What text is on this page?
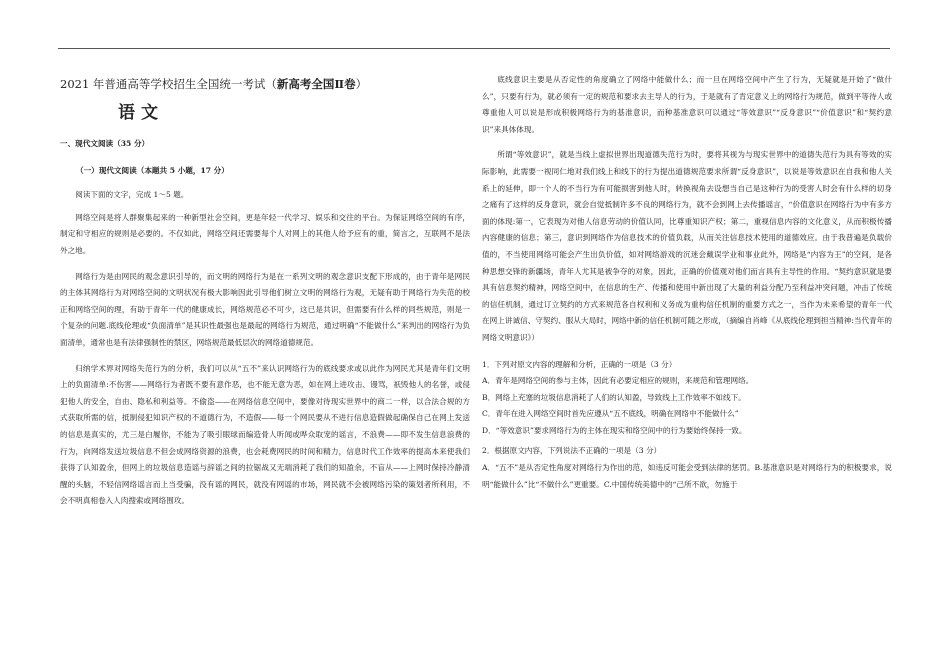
2021 年普通高等学校招生全国统一考试（新高考全国Ⅱ卷）

语文

一、现代文阅读（35 分）

（一）现代文阅读（本题共 5 小题，17 分）

阅读下面的文字，完成 1～5 题。

网络空间是将人群聚集起来的一种新型社会空间，更是年轻一代学习、娱乐和交往的平台。为保证网络空间的有序，制定和守相应的规则是必要的。不仅如此，网络空间还需要每个人对网上的其他人给予应有的重，简言之，互联网不是法外之地。

网络行为是由网民的观念意识引导的，而文明的网络行为是在一系列文明的观念意识支配下形成的，由于青年是网民的主体其网络行为对网络空间的文明状况有极大影响因此引导他们树立文明的网络行为观，无疑有助于网络行为失范的校正和网络空间的理，有助于青年一代的健康成长，网络规范必不可少，这已是共识，但需要有什么样的同些规范，则是一个复杂的问题.底线伦理或“负面清单”是其识性最强也是最起的网络行为规范，通过明确“不能做什么”来判出的网络行为负面清单，通常也是有法律强制性的禁区，网络规范最低层次的网络道德规范。

归纳学术界对网络失范行为的分析，我们可以从“五不”来认识网络行为的底线要求或以此作为网民尤其是青年们文明上的负面清单:不伤害——网络行为者既不要有意作恶，也不能无意为恶，如在网上进攻击、谩骂，祇毁他人的名誉，或侵犯他人的安全，自由、隐私和利益等。不偷盗——在网络信息空间中，要像对待现实世界中的商二一样，以合法合规的方式获取所需的信，抵制侵犯知识产权的不道德行为，不造假——每一个网民要从不进行信息造假做起确保自己在网上发送的信息是真实的，尤三是白履你，不能为了吸引眼球而编造骨人听闻或哗众取宠的谣言，不浪费——即不发生信息浪费的行为，向网络发送垃圾信息不但会成网络资源的浪费，也会耗费网民的时间和精力，信息时代工作效率的提高本来使我们获得了认知盈余，但网上的垃圾信息造谣与辞谣之间的拉锯战又无端消耗了我们的知盈余，不盲从——上网时保持冷静清醒的头脑，不轻信网络谣言而上当受骗，没有谣的网民，就没有网谣的市场，网民就不会被网络污染的策划者所利用，不会不明真相卷入人肉搜索或网络围攻。

底线意识主要是从否定性的角度确立了网络中能做什么；而一旦在网络空间中产生了行为，无疑就是开始了“做什么”，只要有行为，就必须有一定的规范和要求去主导人的行为，于是就有了肯定意义上的网络行为规范，做到平等待人或尊重他人可以说是形成积极网络行为的基准意识，而种基准意识可以通过“等效意识”“反身意识”“价值意识”和“契约意识”来具体体现。

所谓“等效意识”，就是当线上虚拟世界出现道德失范行为时，要将其视为与现实世界中的道德失范行为具有等效的实际影响，此需要一视同仁地对我们线上和线下的行为提出道德规范要求所谓“反身意识”，以说是等效意识在自我和他人关系上的延伸，即一个人的不当行为有可能损害到他人时，转换视角去设想当自己是这种行为的受害人时会有什么样的切身之痛有了这样的反身意识，就会自觉抵制许多不良的网络行为，就不会到网上去传播谣言，“价值意识在网络行为中有多方面的体现:第一，它表现为对他人信息劳动的价值认同，比尊重知识产权；第二，重视信息内容的文化意义，从而积极传播内容健康的信息；第三，意识到网络作为信息技术的价值负载，从而关注信息技术使用的道德效应。由于我普遍是负载价值的，不当使用网络可能会产生出负价值，如对网络游戏的沉迷会戴误学业和事业此外，网络是“内容为王”的空间，是各种思想交锋的新疆场，青年人尤其是被争夺的对象，因此，正确的价值观对他们而言具有主导性的作用。“契约意识就是要具有信息契约精神，网络空间中，在信息的生产、传播和使用中新出现了大量的利益分配乃至利益冲突问题，冲击了传统的信任机制，通过订立契约的方式来规范各自权利和义务成为重构信任机制的重要方式之一，当作为未来希望的青年一代在网上讲诚信、守契约、服从大局时，网络中新的信任机制可随之形成，（摘编自肖峰《从底线伦理到担当精神:当代青年的网络文明意识》）

1．下列对原文内容的理解和分析，正确的一项是（3 分）

A．青年是网络空间的参与主体，因此有必要定相应的规则，来规范和管理网络。

B．网络上充塞的垃圾信息消耗了人们的认知盈，导致线上工作效率不如线下。

C．青年在进入网络空间时首先应遵从“五不底线，明确在网络中不能做什么”

D．“等效意识”要求网络行为的主体在现实和络空间中的行为要始终保持一致。

2．根据原文内容，下列说法不正确的一项是（3 分）

A．“五不”是从否定性角度对网络行为作出的范，如违反可能会受到法律的惩罚。B.基准意识是对网络行为的积极要求，说明“能做什么”比“不做什么”更重要。C.中国传统美德中的“己所不欲，勿施于
